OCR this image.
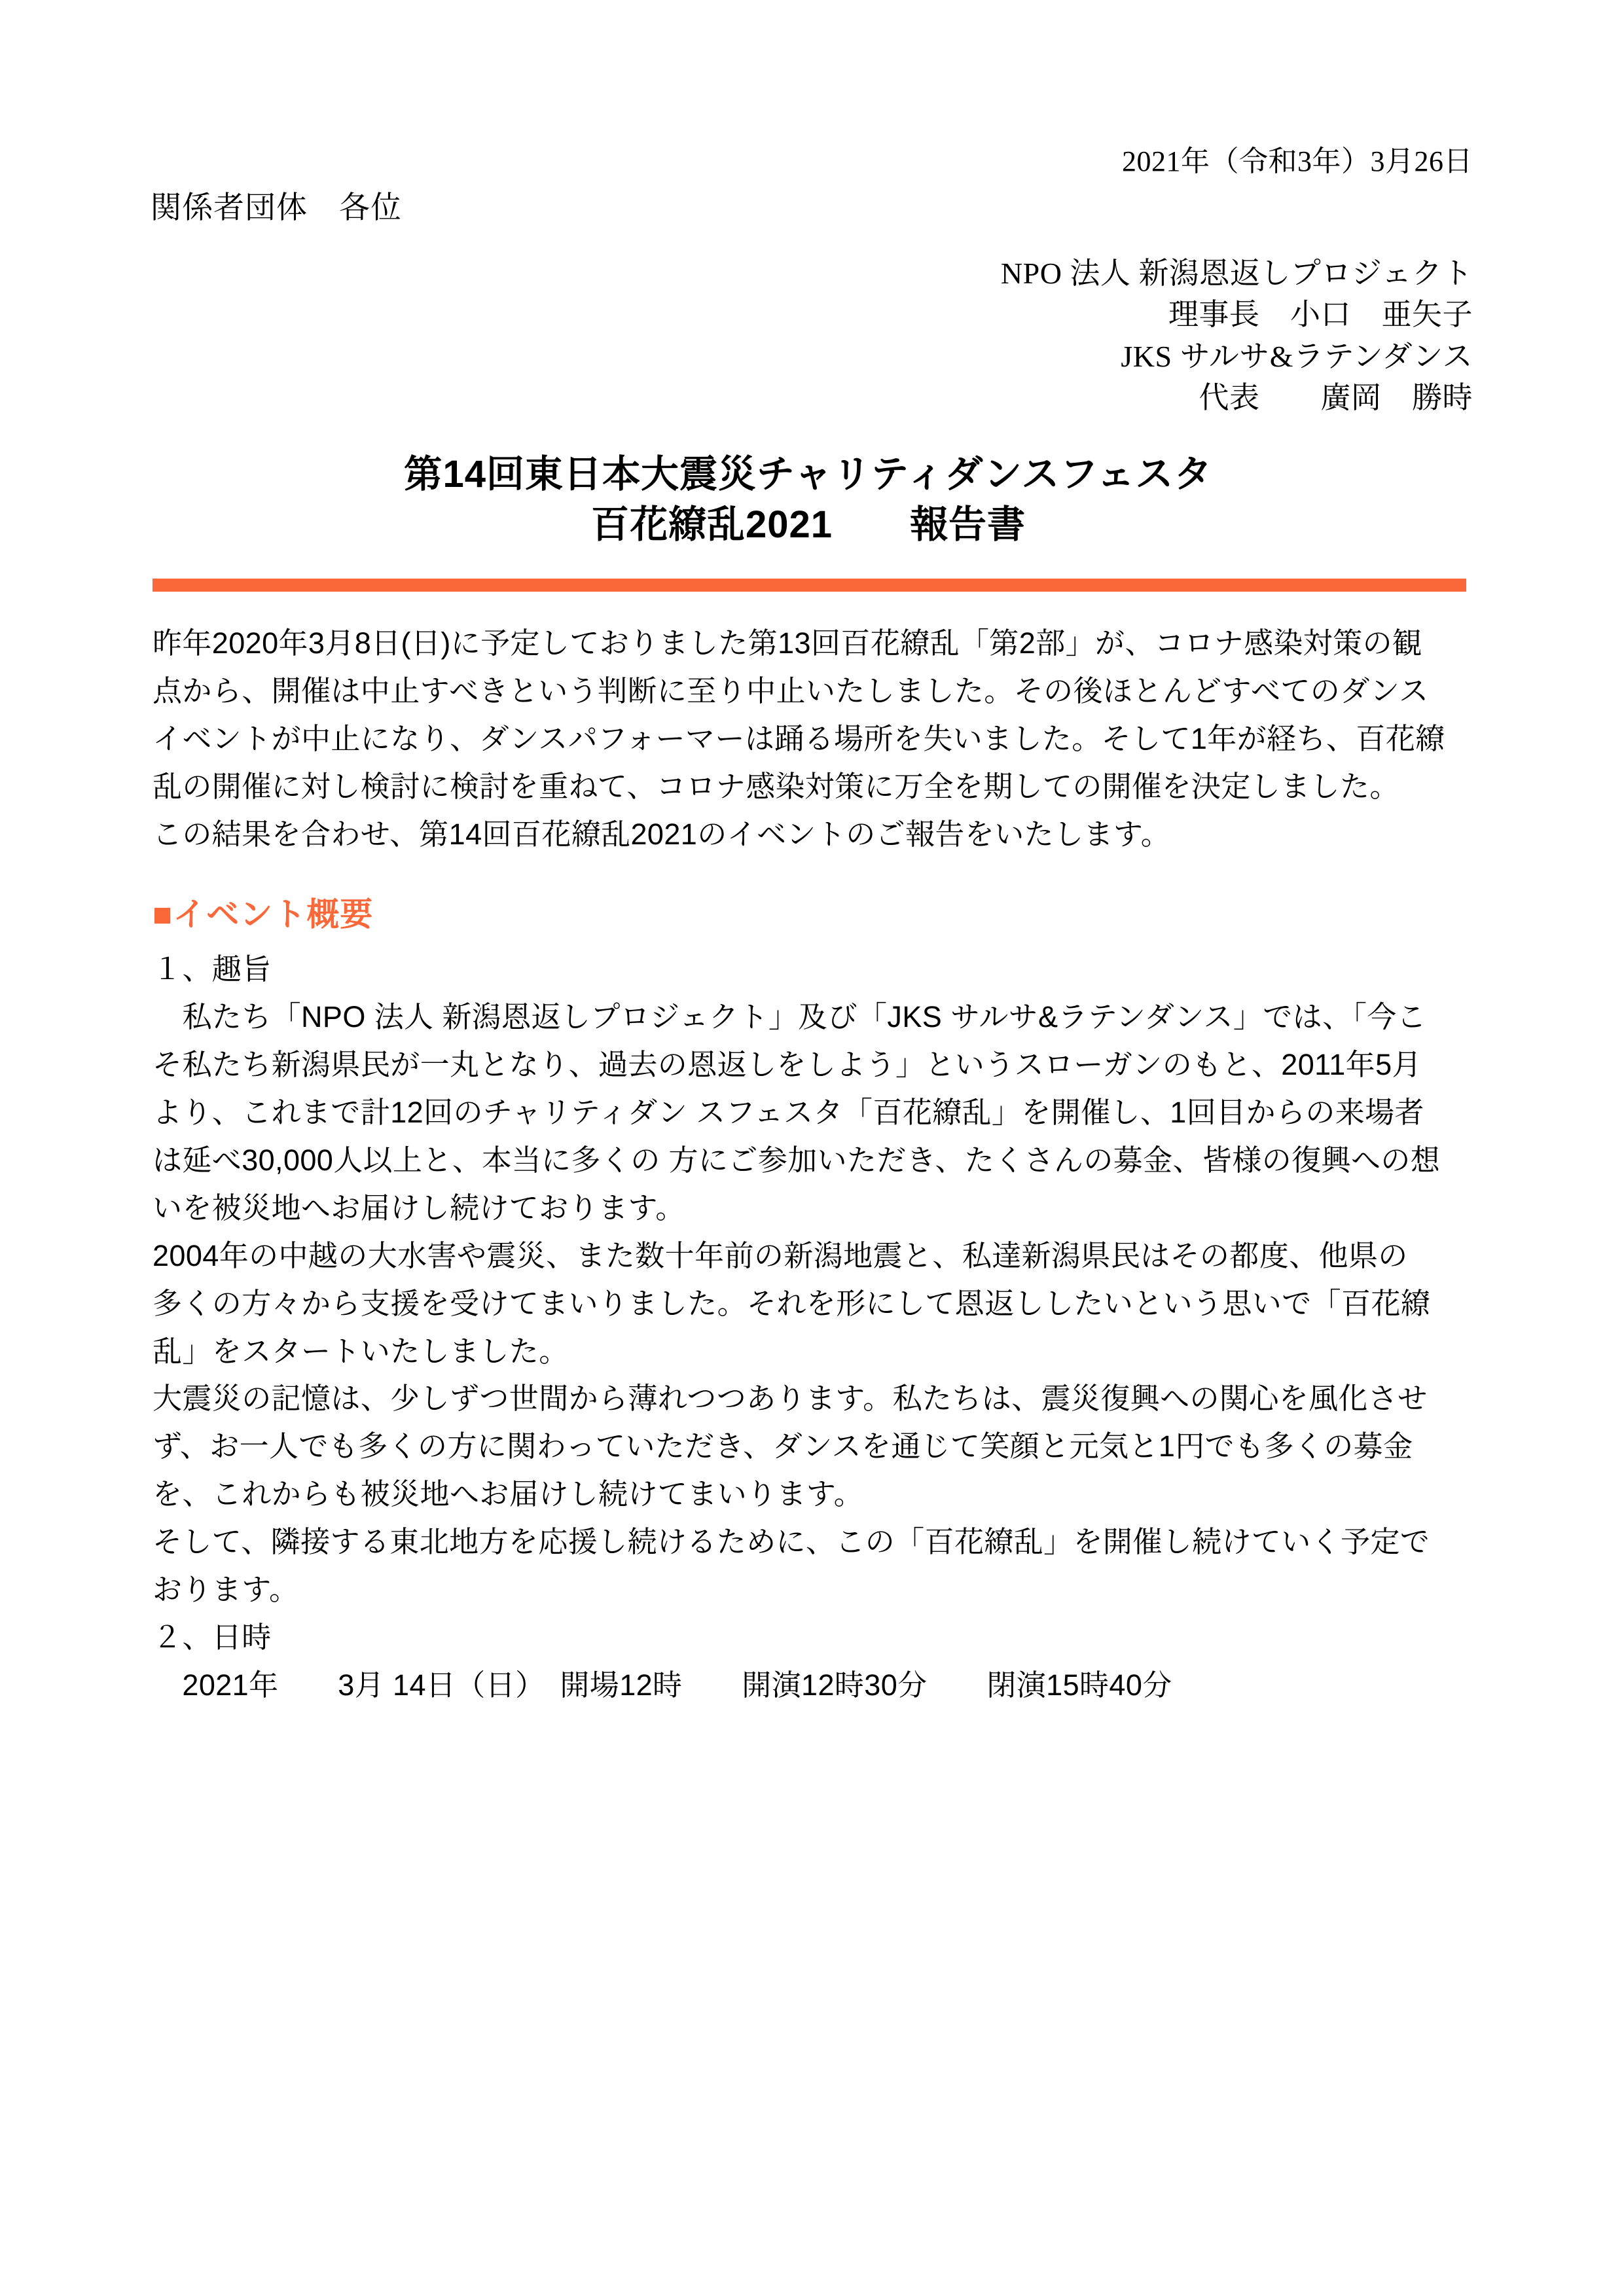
2021年（令和3年）3月26日
関係者団体　各位
NPO 法人 新潟恩返しプロジェクト
理事長　小口　亜矢子
JKS サルサ&ラテンダンス
代表　　廣岡　勝時
第14回東日本大震災チャリティダンスフェスタ
百花繚乱2021　　報告書
昨年2020年3月8日(日)に予定しておりました第13回百花繚乱「第2部」が、コロナ感染対策の観
点から、開催は中止すべきという判断に至り中止いたしました。その後ほとんどすべてのダンス
イベントが中止になり、ダンスパフォーマーは踊る場所を失いました。そして1年が経ち、百花繚
乱の開催に対し検討に検討を重ねて、コロナ感染対策に万全を期しての開催を決定しました。
この結果を合わせ、第14回百花繚乱2021のイベントのご報告をいたします。
■イベント概要
１、趣旨
　私たち「NPO 法人 新潟恩返しプロジェクト」及び「JKS サルサ&ラテンダンス」では、「今こ
そ私たち新潟県民が一丸となり、過去の恩返しをしよう」というスローガンのもと、2011年5月
より、これまで計12回のチャリティダン スフェスタ「百花繚乱」を開催し、1回目からの来場者
は延べ30,000人以上と、本当に多くの 方にご参加いただき、たくさんの募金、皆様の復興への想
いを被災地へお届けし続けております。
2004年の中越の大水害や震災、また数十年前の新潟地震と、私達新潟県民はその都度、他県の
多くの方々から支援を受けてまいりました。それを形にして恩返ししたいという思いで「百花繚
乱」をスタートいたしました。
大震災の記憶は、少しずつ世間から薄れつつあります。私たちは、震災復興への関心を風化させ
ず、お一人でも多くの方に関わっていただき、ダンスを通じて笑顔と元気と1円でも多くの募金
を、これからも被災地へお届けし続けてまいります。
そして、隣接する東北地方を応援し続けるために、この「百花繚乱」を開催し続けていく予定で
おります。
２、日時
　2021年　　3月 14日（日）　開場12時　　開演12時30分　　閉演15時40分
